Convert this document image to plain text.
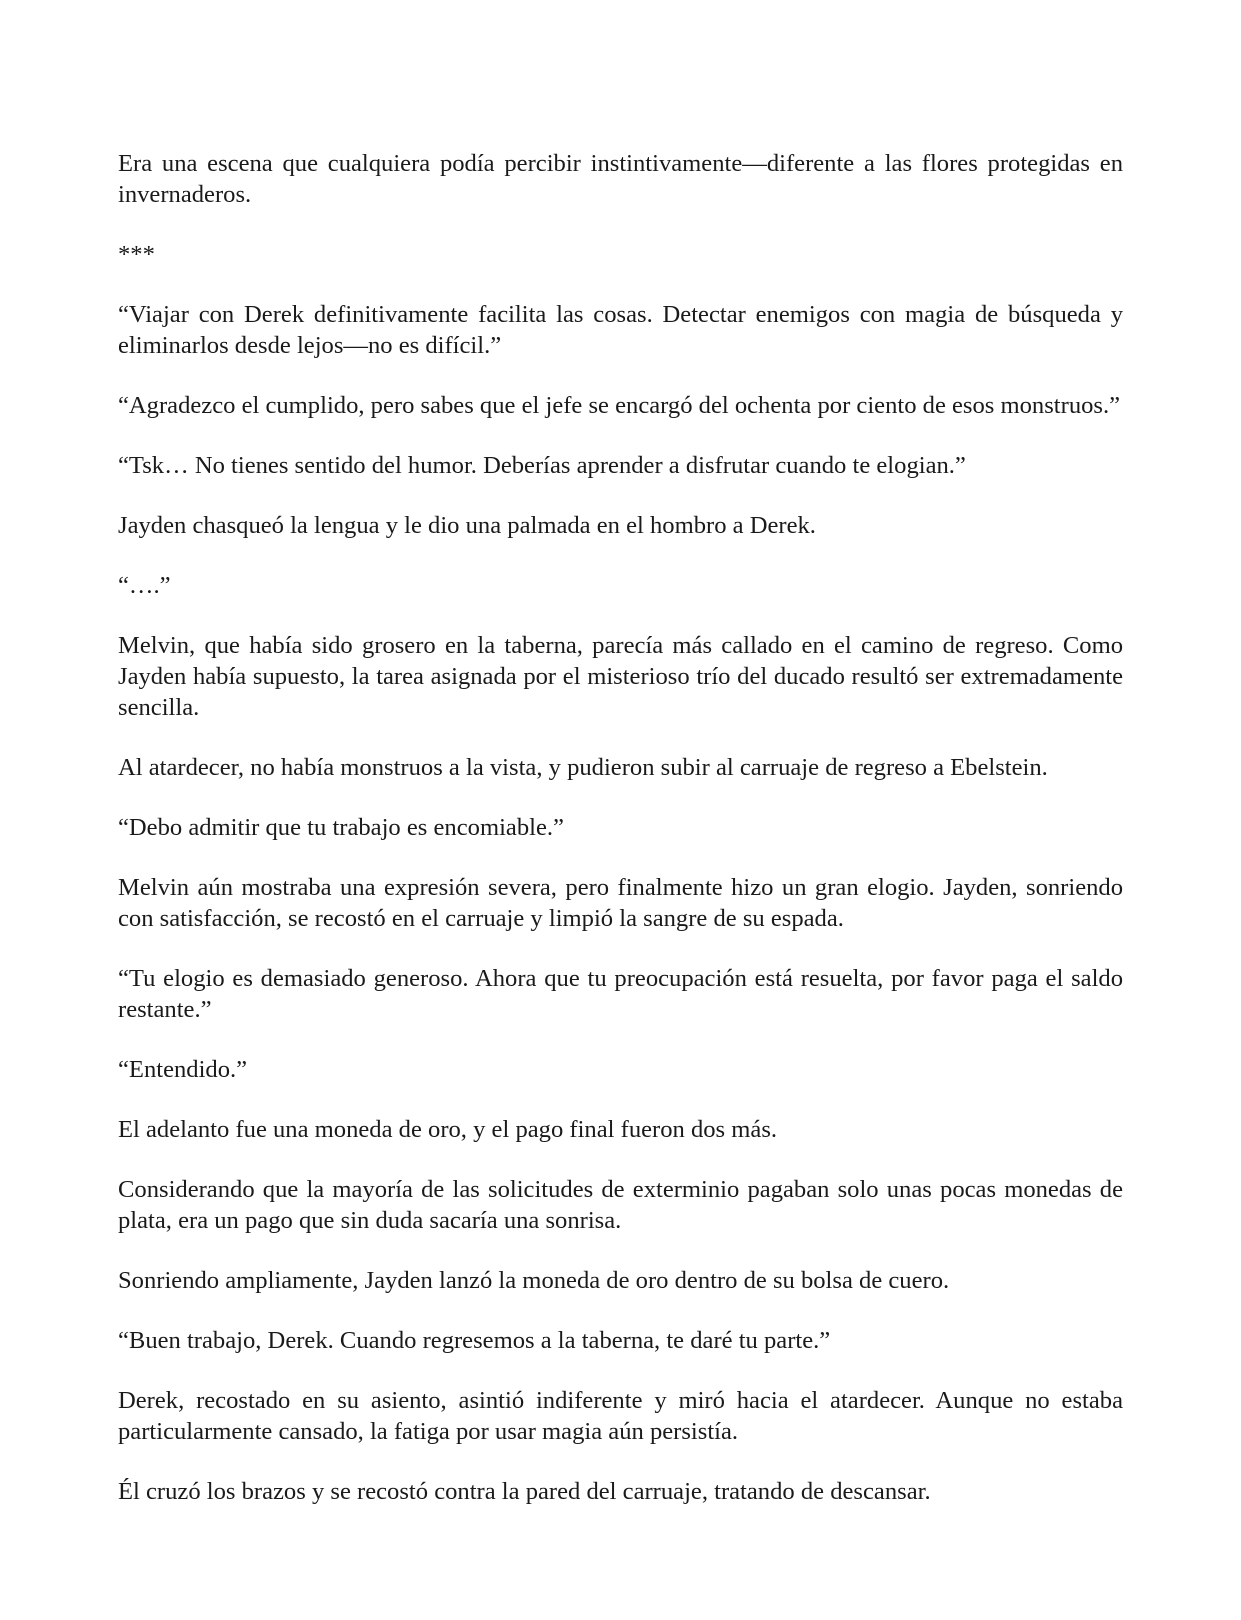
Era una escena que cualquiera podía percibir instintivamente—diferente a las flores protegidas en invernaderos.

***

“Viajar con Derek definitivamente facilita las cosas. Detectar enemigos con magia de búsqueda y eliminarlos desde lejos—no es difícil.”

“Agradezco el cumplido, pero sabes que el jefe se encargó del ochenta por ciento de esos monstruos.”

“Tsk… No tienes sentido del humor. Deberías aprender a disfrutar cuando te elogian.”

Jayden chasqueó la lengua y le dio una palmada en el hombro a Derek.

“….”

Melvin, que había sido grosero en la taberna, parecía más callado en el camino de regreso. Como Jayden había supuesto, la tarea asignada por el misterioso trío del ducado resultó ser extremadamente sencilla.

Al atardecer, no había monstruos a la vista, y pudieron subir al carruaje de regreso a Ebelstein.

“Debo admitir que tu trabajo es encomiable.”

Melvin aún mostraba una expresión severa, pero finalmente hizo un gran elogio. Jayden, sonriendo con satisfacción, se recostó en el carruaje y limpió la sangre de su espada.

“Tu elogio es demasiado generoso. Ahora que tu preocupación está resuelta, por favor paga el saldo restante.”

“Entendido.”

El adelanto fue una moneda de oro, y el pago final fueron dos más.

Considerando que la mayoría de las solicitudes de exterminio pagaban solo unas pocas monedas de plata, era un pago que sin duda sacaría una sonrisa.

Sonriendo ampliamente, Jayden lanzó la moneda de oro dentro de su bolsa de cuero.

“Buen trabajo, Derek. Cuando regresemos a la taberna, te daré tu parte.”

Derek, recostado en su asiento, asintió indiferente y miró hacia el atardecer. Aunque no estaba particularmente cansado, la fatiga por usar magia aún persistía.

Él cruzó los brazos y se recostó contra la pared del carruaje, tratando de descansar.
